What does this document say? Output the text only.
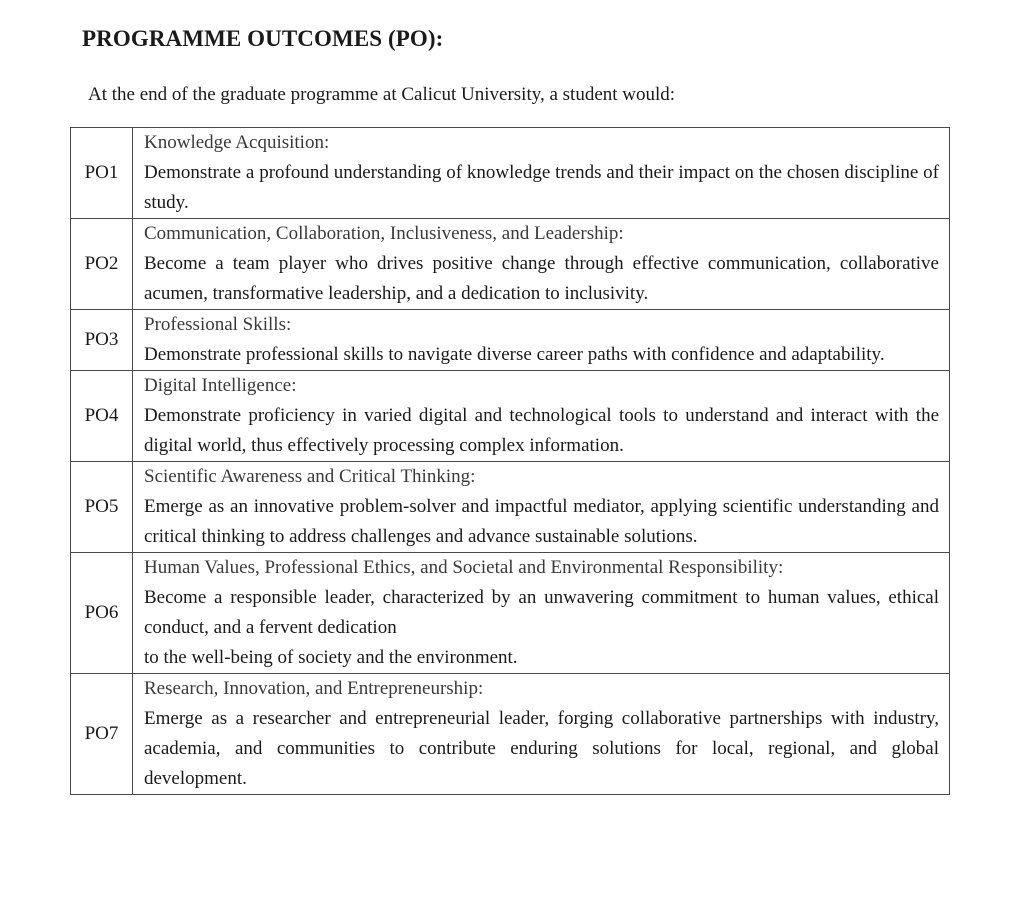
PROGRAMME OUTCOMES (PO):

At the end of the graduate programme at Calicut University, a student would:

PO1	Knowledge Acquisition:
Demonstrate a profound understanding of knowledge trends and their impact on the chosen discipline of study.

PO2	Communication, Collaboration, Inclusiveness, and Leadership:
Become a team player who drives positive change through effective communication, collaborative acumen, transformative leadership, and a dedication to inclusivity.

PO3	Professional Skills:
Demonstrate professional skills to navigate diverse career paths with confidence and adaptability.

PO4	Digital Intelligence:
Demonstrate proficiency in varied digital and technological tools to understand and interact with the digital world, thus effectively processing complex information.

PO5	Scientific Awareness and Critical Thinking:
Emerge as an innovative problem-solver and impactful mediator, applying scientific understanding and critical thinking to address challenges and advance sustainable solutions.

PO6	Human Values, Professional Ethics, and Societal and Environmental Responsibility:
Become a responsible leader, characterized by an unwavering commitment to human values, ethical conduct, and a fervent dedication
to the well-being of society and the environment.

PO7	Research, Innovation, and Entrepreneurship:
Emerge as a researcher and entrepreneurial leader, forging collaborative partnerships with industry, academia, and communities to contribute enduring solutions for local, regional, and global development.
